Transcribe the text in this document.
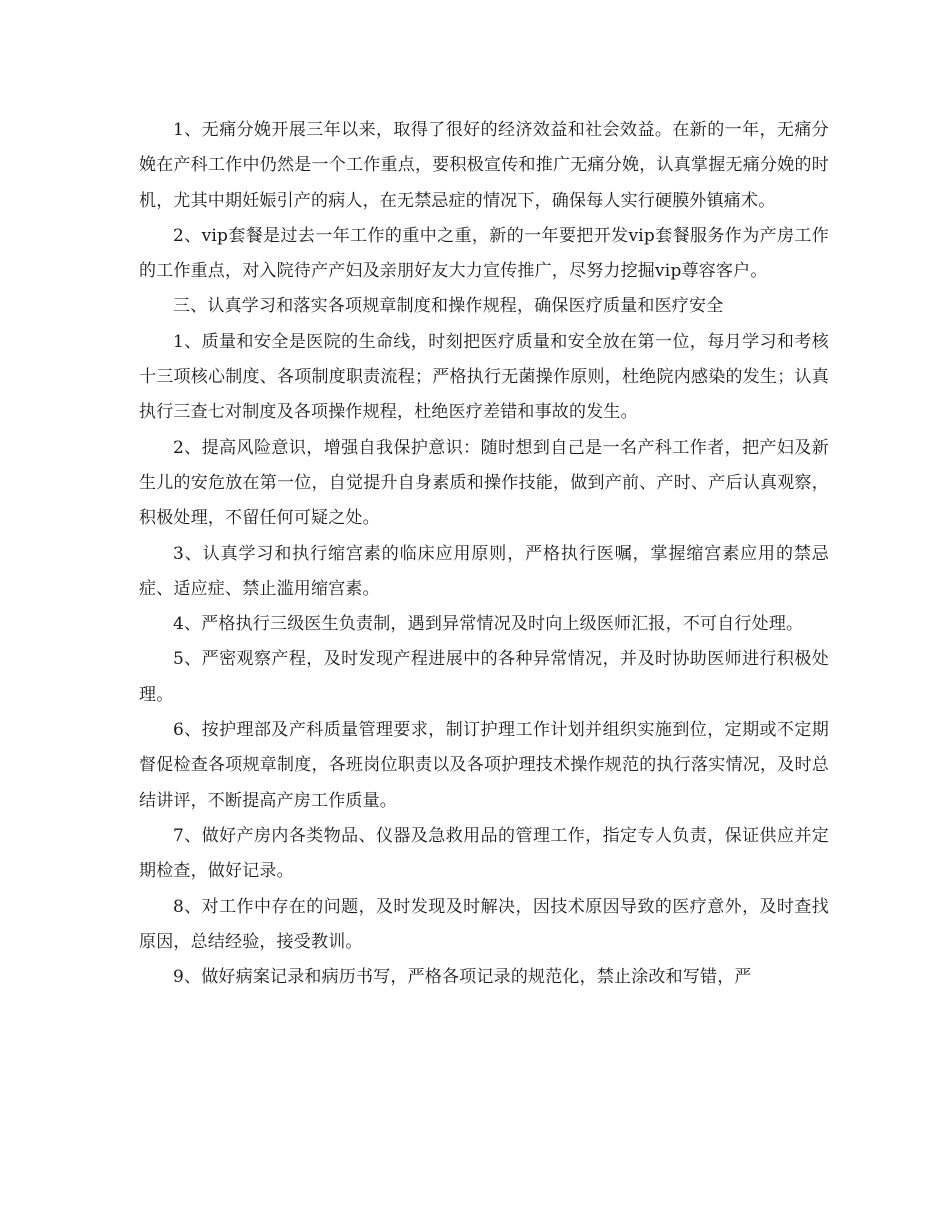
1、无痛分娩开展三年以来，取得了很好的经济效益和社会效益。在新的一年，无痛分娩在产科工作中仍然是一个工作重点，要积极宣传和推广无痛分娩，认真掌握无痛分娩的时机，尤其中期妊娠引产的病人，在无禁忌症的情况下，确保每人实行硬膜外镇痛术。

2、vip套餐是过去一年工作的重中之重，新的一年要把开发vip套餐服务作为产房工作的工作重点，对入院待产产妇及亲朋好友大力宣传推广，尽努力挖掘vip尊容客户。

三、认真学习和落实各项规章制度和操作规程，确保医疗质量和医疗安全

1、质量和安全是医院的生命线，时刻把医疗质量和安全放在第一位，每月学习和考核十三项核心制度、各项制度职责流程；严格执行无菌操作原则，杜绝院内感染的发生；认真执行三查七对制度及各项操作规程，杜绝医疗差错和事故的发生。

2、提高风险意识，增强自我保护意识：随时想到自己是一名产科工作者，把产妇及新生儿的安危放在第一位，自觉提升自身素质和操作技能，做到产前、产时、产后认真观察，积极处理，不留任何可疑之处。

3、认真学习和执行缩宫素的临床应用原则，严格执行医嘱，掌握缩宫素应用的禁忌症、适应症、禁止滥用缩宫素。

4、严格执行三级医生负责制，遇到异常情况及时向上级医师汇报，不可自行处理。

5、严密观察产程，及时发现产程进展中的各种异常情况，并及时协助医师进行积极处理。

6、按护理部及产科质量管理要求，制订护理工作计划并组织实施到位，定期或不定期督促检查各项规章制度，各班岗位职责以及各项护理技术操作规范的执行落实情况，及时总结讲评，不断提高产房工作质量。

7、做好产房内各类物品、仪器及急救用品的管理工作，指定专人负责，保证供应并定期检查，做好记录。

8、对工作中存在的问题，及时发现及时解决，因技术原因导致的医疗意外，及时查找原因，总结经验，接受教训。

9、做好病案记录和病历书写，严格各项记录的规范化，禁止涂改和写错，严
